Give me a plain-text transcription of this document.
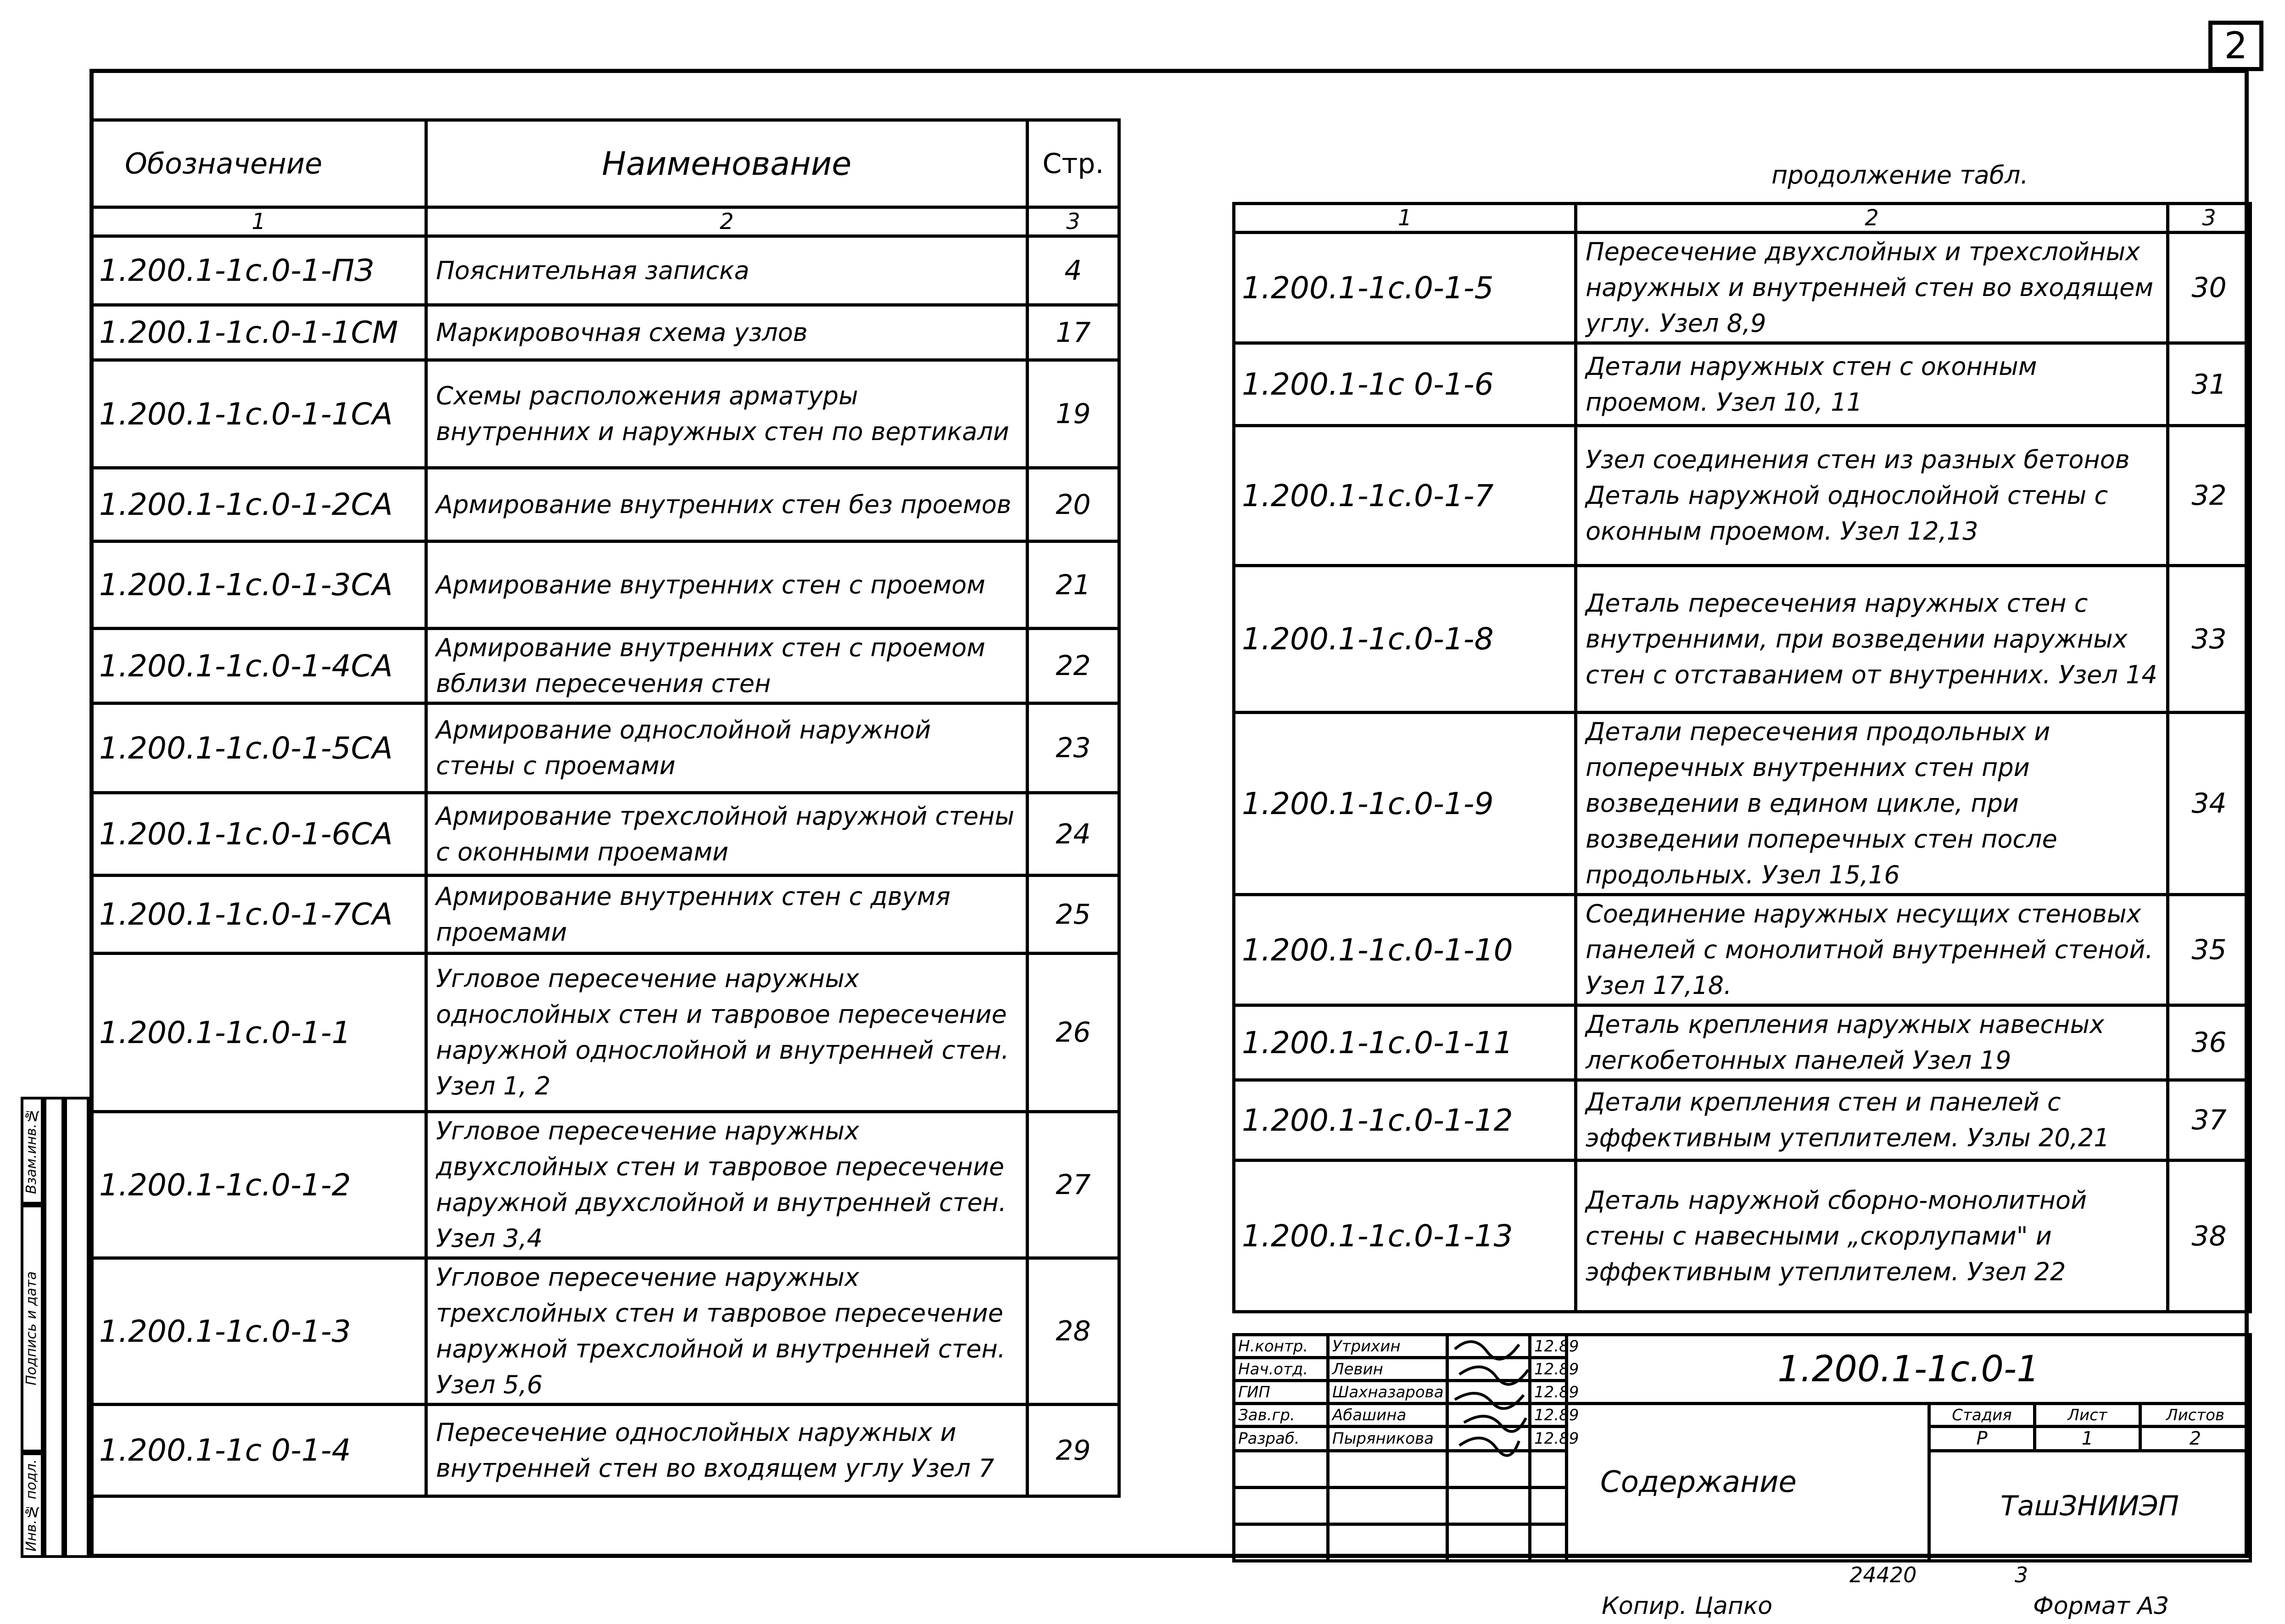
2
Обозначение	Наименование	Стр.
1	2	3
1.200.1-1с.0-1-ПЗ	Пояснительная записка	4
1.200.1-1с.0-1-1СМ	Маркировочная схема узлов	17
1.200.1-1с.0-1-1СА	Схемы расположения арматуры внутренних и наружных стен по вертикали	19
1.200.1-1с.0-1-2СА	Армирование внутренних стен без проемов	20
1.200.1-1с.0-1-3СА	Армирование внутренних стен с проемом	21
1.200.1-1с.0-1-4СА	Армирование внутренних стен с проемом вблизи пересечения стен	22
1.200.1-1с.0-1-5СА	Армирование однослойной наружной стены с проемами	23
1.200.1-1с.0-1-6СА	Армирование трехслойной наружной стены с оконными проемами	24
1.200.1-1с.0-1-7СА	Армирование внутренних стен с двумя проемами	25
1.200.1-1с.0-1-1	Угловое пересечение наружных однослойных стен и тавровое пересечение наружной однослойной и внутренней стен. Узел 1, 2	26
1.200.1-1с.0-1-2	Угловое пересечение наружных двухслойных стен и тавровое пересечение наружной двухслойной и внутренней стен. Узел 3,4	27
1.200.1-1с.0-1-3	Угловое пересечение наружных трехслойных стен и тавровое пересечение наружной трехслойной и внутренней стен. Узел 5,6	28
1.200.1-1с 0-1-4	Пересечение однослойных наружных и внутренней стен во входящем углу Узел 7	29
продолжение табл.
1	2	3
1.200.1-1с.0-1-5	Пересечение двухслойных и трехслойных наружных и внутренней стен во входящем углу. Узел 8,9	30
1.200.1-1с 0-1-6	Детали наружных стен с оконным проемом. Узел 10, 11	31
1.200.1-1с.0-1-7	Узел соединения стен из разных бетонов Деталь наружной однослойной стены с оконным проемом. Узел 12,13	32
1.200.1-1с.0-1-8	Деталь пересечения наружных стен с внутренними, при возведении наружных стен с отставанием от внутренних. Узел 14	33
1.200.1-1с.0-1-9	Детали пересечения продольных и поперечных внутренних стен при возведении в едином цикле, при возведении поперечных стен после продольных. Узел 15,16	34
1.200.1-1с.0-1-10	Соединение наружных несущих стеновых панелей с монолитной внутренней стеной. Узел 17,18.	35
1.200.1-1с.0-1-11	Деталь крепления наружных навесных легкобетонных панелей Узел 19	36
1.200.1-1с.0-1-12	Детали крепления стен и панелей с эффективным утеплителем. Узлы 20,21	37
1.200.1-1с.0-1-13	Деталь наружной сборно-монолитной стены с навесными „скорлупами" и эффективным утеплителем. Узел 22	38
Н.контр.	Утрихин		12.89	1.200.1-1с.0-1			
Нач.отд.	Левин		12.89				
ГИП	Шахназарова		12.89				
Зав.гр.	Абашина		12.89	Содержание	Стадия	Лист	Листов
Разраб.	Пыряникова		12.89		Р	1	2
					ТашЗНИИЭП		

Инв.№ подл.
Подпись и дата
Взам.инв.№
24420	3
Копир. Цапко	Формат А3
